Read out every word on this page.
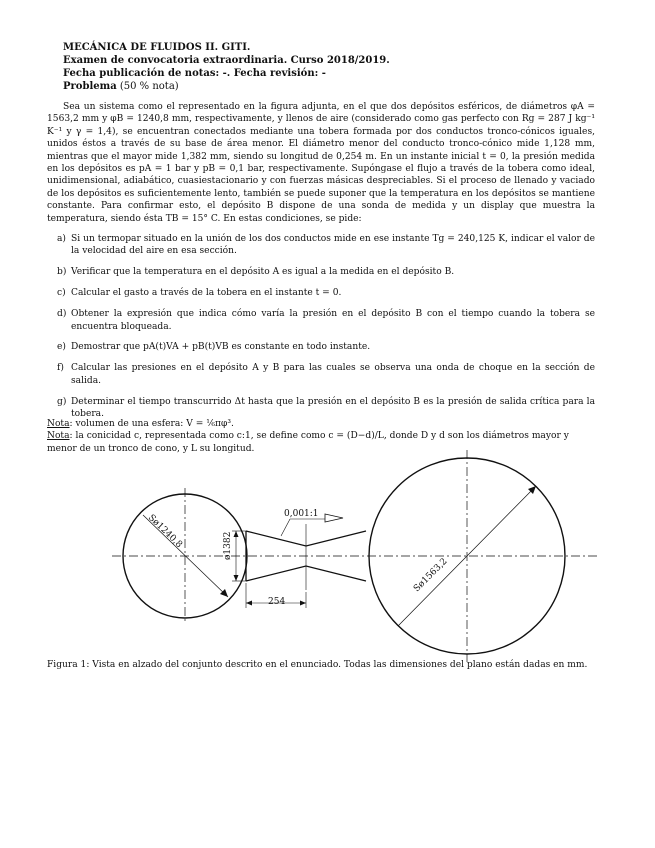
MECÁNICA DE FLUIDOS II. GITI.
Examen de convocatoria extraordinaria. Curso 2018/2019.
Fecha publicación de notas: -. Fecha revisión: -
Problema (50 % nota)

Sea un sistema como el representado en la figura adjunta, en el que dos depósitos esféricos, de diámetros φA = 1563,2 mm y φB = 1240,8 mm, respectivamente, y llenos de aire (considerado como gas perfecto con Rg = 287 J kg⁻¹ K⁻¹ y γ = 1,4), se encuentran conectados mediante una tobera formada por dos conductos tronco-cónicos iguales, unidos éstos a través de su base de área menor. El diámetro menor del conducto tronco-cónico mide 1,128 mm, mientras que el mayor mide 1,382 mm, siendo su longitud de 0,254 m. En un instante inicial t = 0, la presión medida en los depósitos es pA = 1 bar y pB = 0,1 bar, respectivamente. Supóngase el flujo a través de la tobera como ideal, unidimensional, adiabático, cuasiestacionario y con fuerzas másicas despreciables. Si el proceso de llenado y vaciado de los depósitos es suficientemente lento, también se puede suponer que la temperatura en los depósitos se mantiene constante. Para confirmar esto, el depósito B dispone de una sonda de medida y un display que muestra la temperatura, siendo ésta TB = 15° C. En estas condiciones, se pide:

a) Si un termopar situado en la unión de los dos conductos mide en ese instante Tg = 240,125 K, indicar el valor de la velocidad del aire en esa sección.
b) Verificar que la temperatura en el depósito A es igual a la medida en el depósito B.
c) Calcular el gasto a través de la tobera en el instante t = 0.
d) Obtener la expresión que indica cómo varía la presión en el depósito B con el tiempo cuando la tobera se encuentra bloqueada.
e) Demostrar que pA(t)VA + pB(t)VB es constante en todo instante.
f) Calcular las presiones en el depósito A y B para las cuales se observa una onda de choque en la sección de salida.
g) Determinar el tiempo transcurrido Δt hasta que la presión en el depósito B es la presión de salida crítica para la tobera.
Nota: volumen de una esfera: V = ⅙πφ³.
Nota: la conicidad c, representada como c:1, se define como c = (D−d)/L, donde D y d son los diámetros mayor y menor de un tronco de cono, y L su longitud.
Sø1240,8
Sø1563,2
ø1382
254
0,001:1
Figura 1: Vista en alzado del conjunto descrito en el enunciado. Todas las dimensiones del plano están dadas en mm.
